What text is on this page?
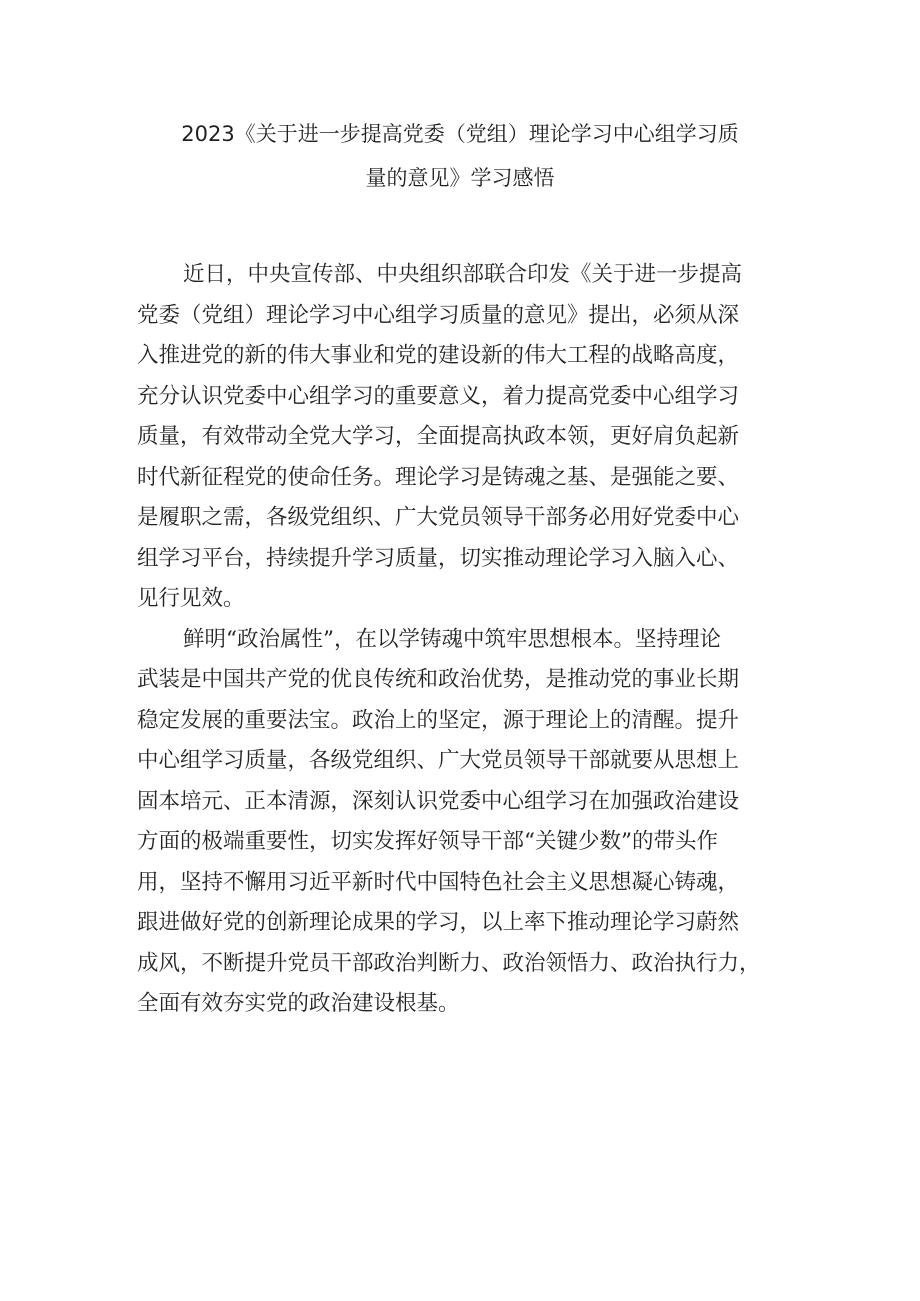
2023《关于进一步提高党委（党组）理论学习中心组学习质
量的意见》学习感悟
近日，中央宣传部、中央组织部联合印发《关于进一步提高
党委（党组）理论学习中心组学习质量的意见》提出，必须从深
入推进党的新的伟大事业和党的建设新的伟大工程的战略高度，
充分认识党委中心组学习的重要意义，着力提高党委中心组学习
质量，有效带动全党大学习，全面提高执政本领，更好肩负起新
时代新征程党的使命任务。理论学习是铸魂之基、是强能之要、
是履职之需，各级党组织、广大党员领导干部务必用好党委中心
组学习平台，持续提升学习质量，切实推动理论学习入脑入心、
见行见效。
鲜明“政治属性”，在以学铸魂中筑牢思想根本。坚持理论
武装是中国共产党的优良传统和政治优势，是推动党的事业长期
稳定发展的重要法宝。政治上的坚定，源于理论上的清醒。提升
中心组学习质量，各级党组织、广大党员领导干部就要从思想上
固本培元、正本清源，深刻认识党委中心组学习在加强政治建设
方面的极端重要性，切实发挥好领导干部“关键少数”的带头作
用，坚持不懈用习近平新时代中国特色社会主义思想凝心铸魂，
跟进做好党的创新理论成果的学习，以上率下推动理论学习蔚然
成风，不断提升党员干部政治判断力、政治领悟力、政治执行力，
全面有效夯实党的政治建设根基。
